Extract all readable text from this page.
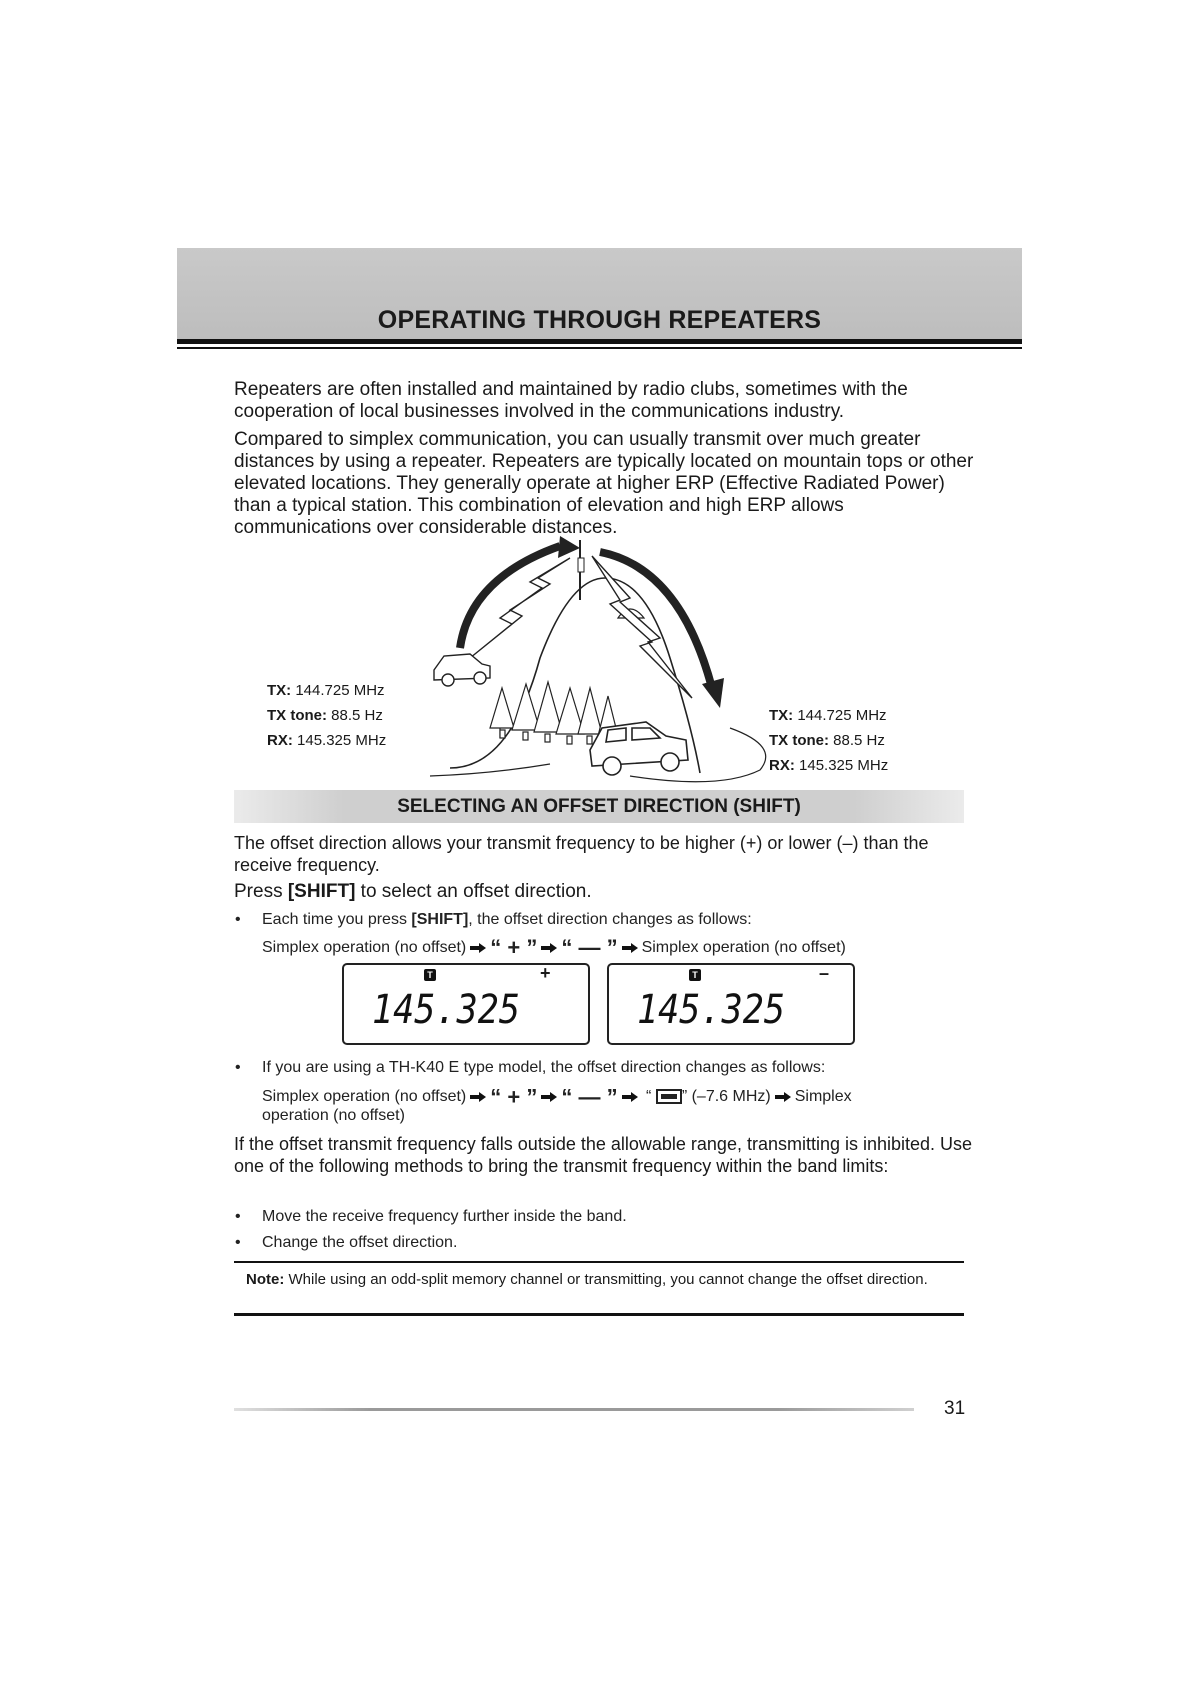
OPERATING THROUGH REPEATERS
Repeaters are often installed and maintained by radio clubs, sometimes with the cooperation of local businesses involved in the communications industry.
Compared to simplex communication, you can usually transmit over much greater distances by using a repeater. Repeaters are typically located on mountain tops or other elevated locations. They generally operate at higher ERP (Effective Radiated Power) than a typical station. This combination of elevation and high ERP allows communications over considerable distances.
TX: 144.725 MHz
TX tone: 88.5 Hz
RX: 145.325 MHz
TX: 144.725 MHz
TX tone: 88.5 Hz
RX: 145.325 MHz
SELECTING AN OFFSET DIRECTION (SHIFT)
The offset direction allows your transmit frequency to be higher (+) or lower (–) than the receive frequency.
Press [SHIFT] to select an offset direction.
• Each time you press [SHIFT], the offset direction changes as follows:
Simplex operation (no offset) “ + ” “ — ” Simplex operation (no offset)
T	+
145.325
T	–
145.325
• If you are using a TH-K40 E type model, the offset direction changes as follows:
Simplex operation (no offset) “ + ” “ — ” “ ” (–7.6 MHz) Simplex operation (no offset)
If the offset transmit frequency falls outside the allowable range, transmitting is inhibited. Use one of the following methods to bring the transmit frequency within the band limits:
• Move the receive frequency further inside the band.
• Change the offset direction.
Note: While using an odd-split memory channel or transmitting, you cannot change the offset direction.
31
